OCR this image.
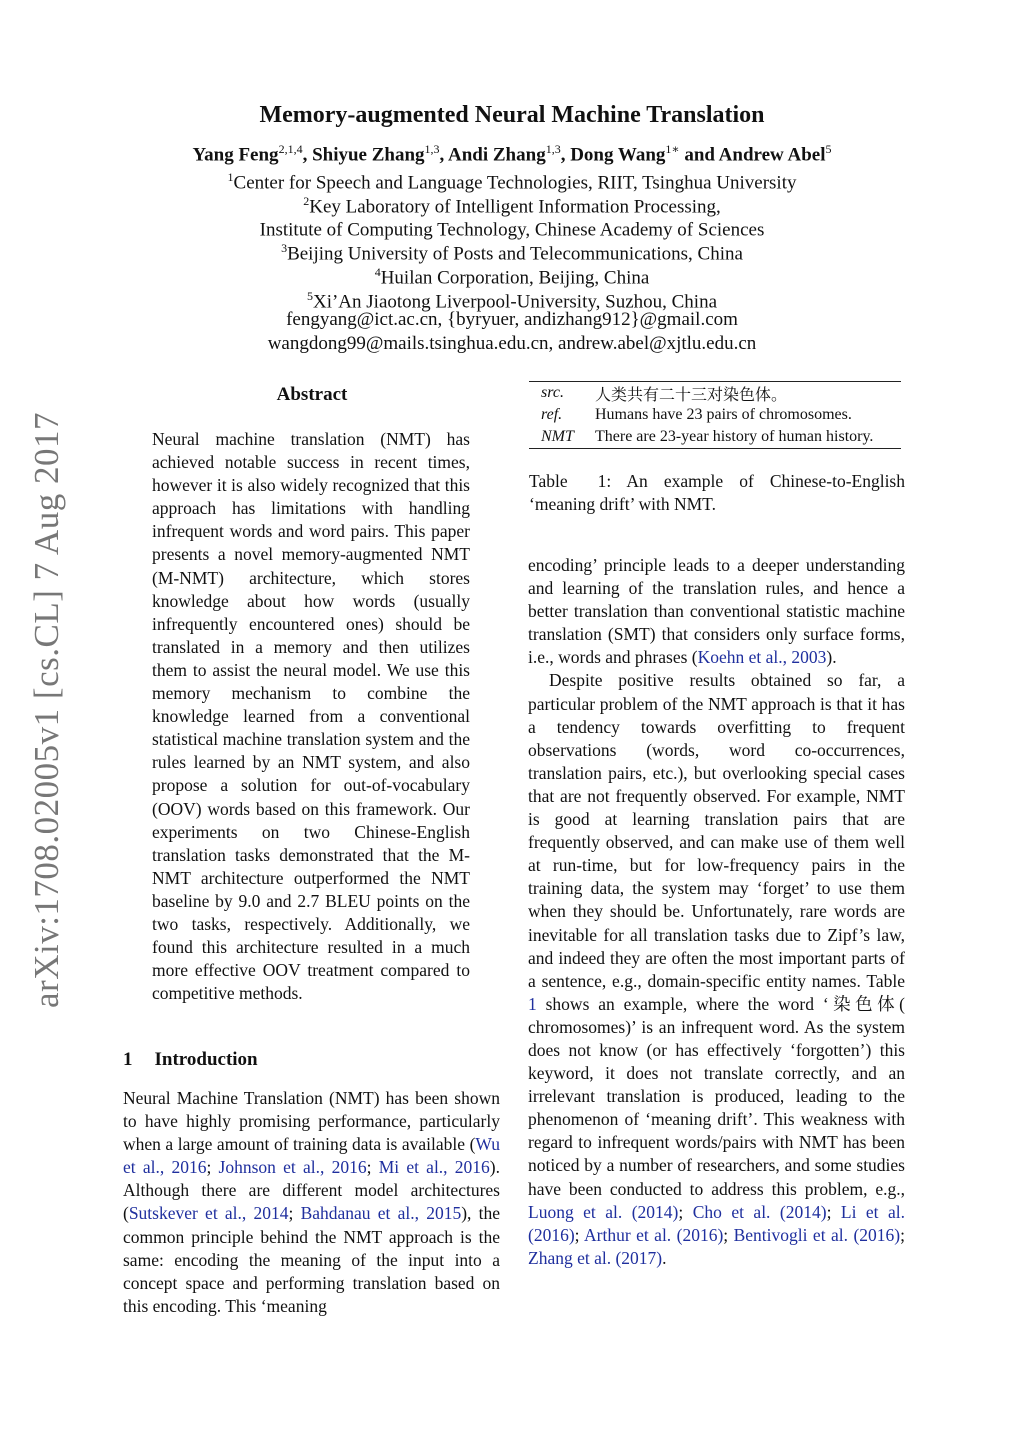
Memory-augmented Neural Machine Translation
Yang Feng$^{2,1,4}$, Shiyue Zhang$^{1,3}$, Andi Zhang$^{1,3}$, Dong Wang$^{1∗}$ and Andrew Abel$^5$
$^1$Center for Speech and Language Technologies, RIIT, Tsinghua University
$^2$Key Laboratory of Intelligent Information Processing,
Institute of Computing Technology, Chinese Academy of Sciences
$^3$Beijing University of Posts and Telecommunications, China
$^4$Huilan Corporation, Beijing, China
$^5$Xi’An Jiaotong Liverpool-University, Suzhou, China
fengyang@ict.ac.cn, {byryuer, andizhang912}@gmail.com
wangdong99@mails.tsinghua.edu.cn, andrew.abel@xjtlu.edu.cn
arXiv:1708.02005v1 [cs.CL] 7 Aug 2017
Abstract

Neural machine translation (NMT) has achieved notable success in recent times, however it is also widely recognized that this approach has limitations with handling infrequent words and word pairs. This paper presents a novel memory-augmented NMT (M-NMT) architecture, which stores knowledge about how words (usually infrequently encountered ones) should be translated in a memory and then utilizes them to assist the neural model. We use this memory mechanism to combine the knowledge learned from a conventional statistical machine translation system and the rules learned by an NMT system, and also propose a solution for out-of-vocabulary (OOV) words based on this framework. Our experiments on two Chinese-English translation tasks demonstrated that the M-NMT architecture outperformed the NMT baseline by 9.0 and 2.7 BLEU points on the two tasks, respectively. Additionally, we found this architecture resulted in a much more effective OOV treatment compared to competitive methods.

1 Introduction

Neural Machine Translation (NMT) has been shown to have highly promising performance, particularly when a large amount of training data is available (Wu et al., 2016; Johnson et al., 2016; Mi et al., 2016). Although there are different model architectures (Sutskever et al., 2014; Bahdanau et al., 2015), the common principle behind the NMT approach is the same: encoding the meaning of the input into a concept space and performing translation based on this encoding. This ‘meaning

src.	人类共有二十三对染色体。
ref.	Humans have 23 pairs of chromosomes.
NMT	There are 23-year history of human history.
Table 1: An example of Chinese-to-English ‘meaning drift’ with NMT.

encoding’ principle leads to a deeper understanding and learning of the translation rules, and hence a better translation than conventional statistic machine translation (SMT) that considers only surface forms, i.e., words and phrases (Koehn et al., 2003).

Despite positive results obtained so far, a particular problem of the NMT approach is that it has a tendency towards overfitting to frequent observations (words, word co-occurrences, translation pairs, etc.), but overlooking special cases that are not frequently observed. For example, NMT is good at learning translation pairs that are frequently observed, and can make use of them well at run-time, but for low-frequency pairs in the training data, the system may ‘forget’ to use them when they should be. Unfortunately, rare words are inevitable for all translation tasks due to Zipf’s law, and indeed they are often the most important parts of a sentence, e.g., domain-specific entity names. Table 1 shows an example, where the word ‘染色体( chromosomes)’ is an infrequent word. As the system does not know (or has effectively ‘forgotten’) this keyword, it does not translate correctly, and an irrelevant translation is produced, leading to the phenomenon of ‘meaning drift’. This weakness with regard to infrequent words/pairs with NMT has been noticed by a number of researchers, and some studies have been conducted to address this problem, e.g., Luong et al. (2014); Cho et al. (2014); Li et al. (2016); Arthur et al. (2016); Bentivogli et al. (2016); Zhang et al. (2017).
